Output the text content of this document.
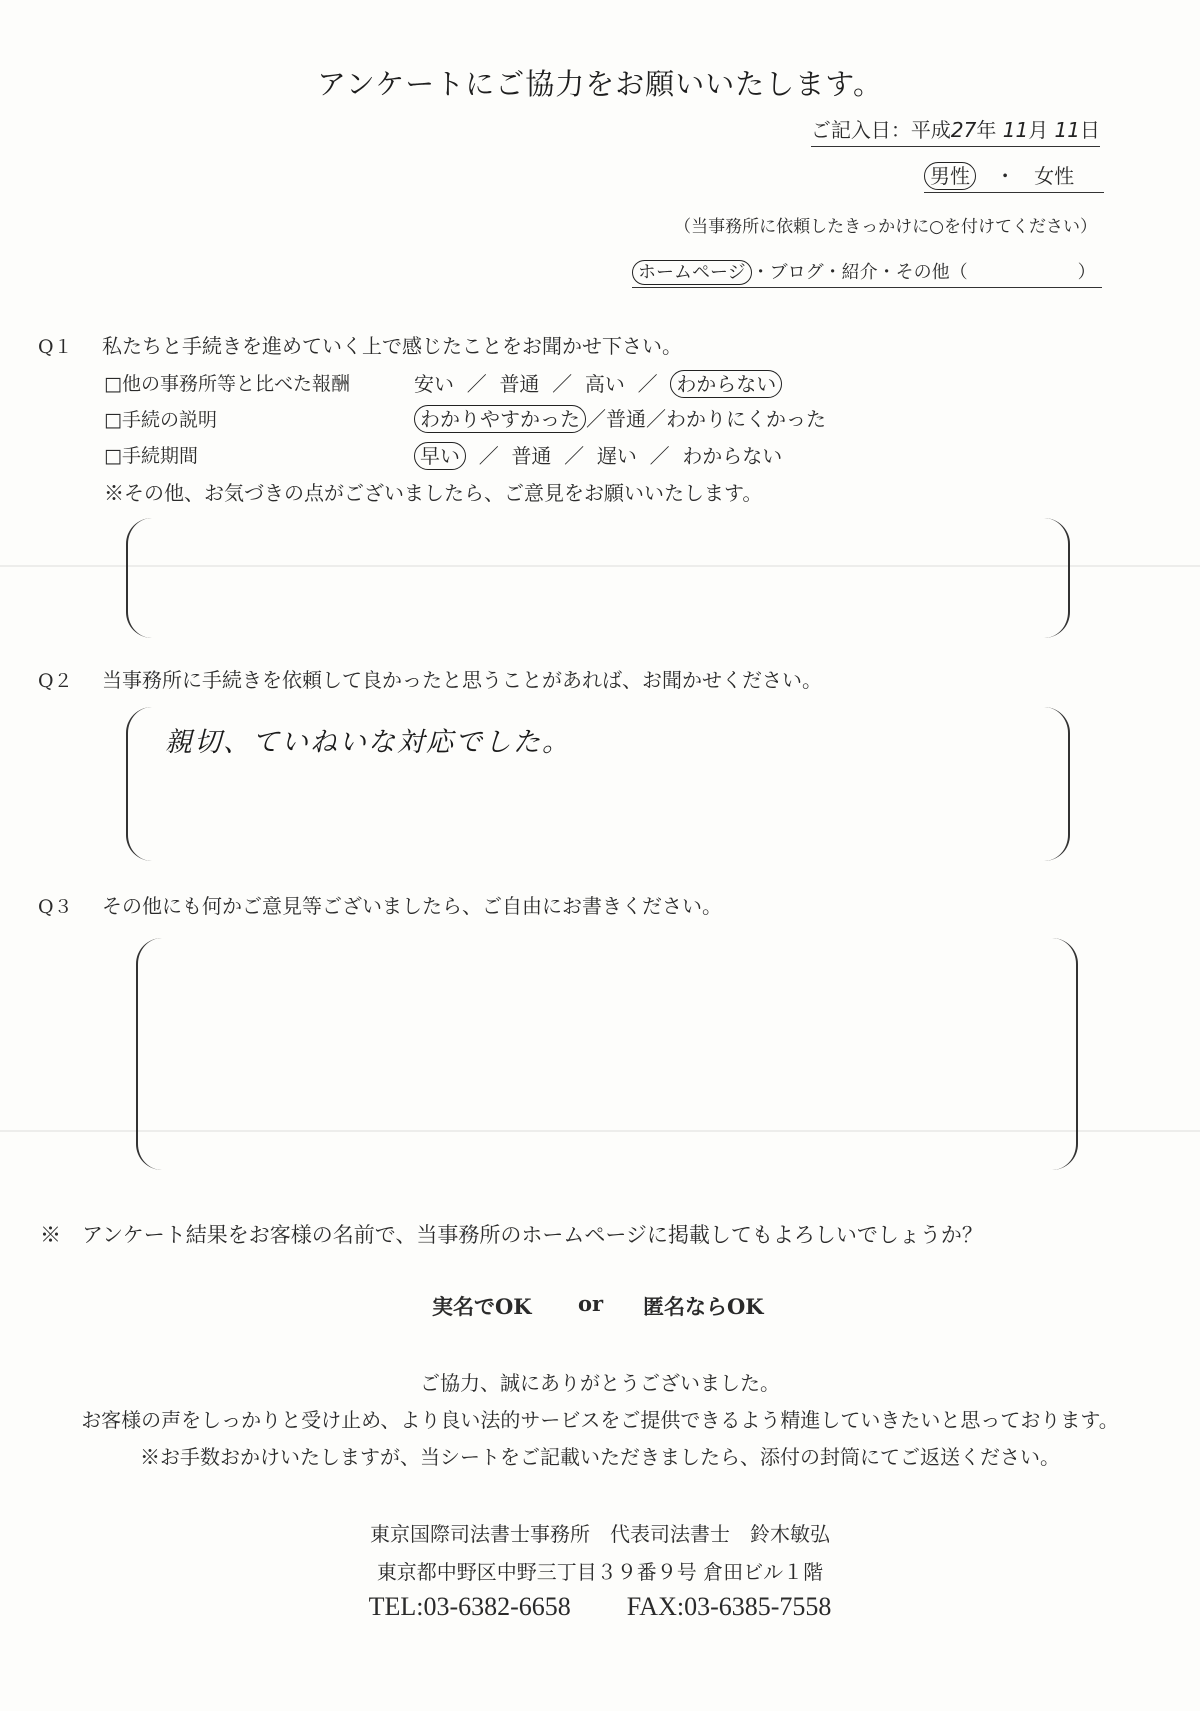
アンケートにご協力をお願いいたします。
ご記入日：平成27年 11月 11日
男性 ・ 女性
（当事務所に依頼したきっかけに○を付けてください）
ホームページ ・ブログ・紹介・その他（	）
Q１ 私たちと手続きを進めていく上で感じたことをお聞かせ下さい。
□他の事務所等と比べた報酬	安い ／ 普通 ／ 高い ／ わからない
□手続の説明	わかりやすかった ／普通／わかりにくかった
□手続期間	早い ／ 普通 ／ 遅い ／ わからない
※その他、お気づきの点がございましたら、ご意見をお願いいたします。
Q２ 当事務所に手続きを依頼して良かったと思うことがあれば、お聞かせください。
親切、ていねいな対応でした。
Q３ その他にも何かご意見等ございましたら、ご自由にお書きください。
※　アンケート結果をお客様の名前で、当事務所のホームページに掲載してもよろしいでしょうか？
実名でOK or 匿名ならOK
ご協力、誠にありがとうございました。
お客様の声をしっかりと受け止め、より良い法的サービスをご提供できるよう精進していきたいと思っております。
※お手数おかけいたしますが、当シートをご記載いただきましたら、添付の封筒にてご返送ください。
東京国際司法書士事務所　代表司法書士　鈴木敏弘
東京都中野区中野三丁目３９番９号 倉田ビル１階
TEL:03-6382-6658 FAX:03-6385-7558
